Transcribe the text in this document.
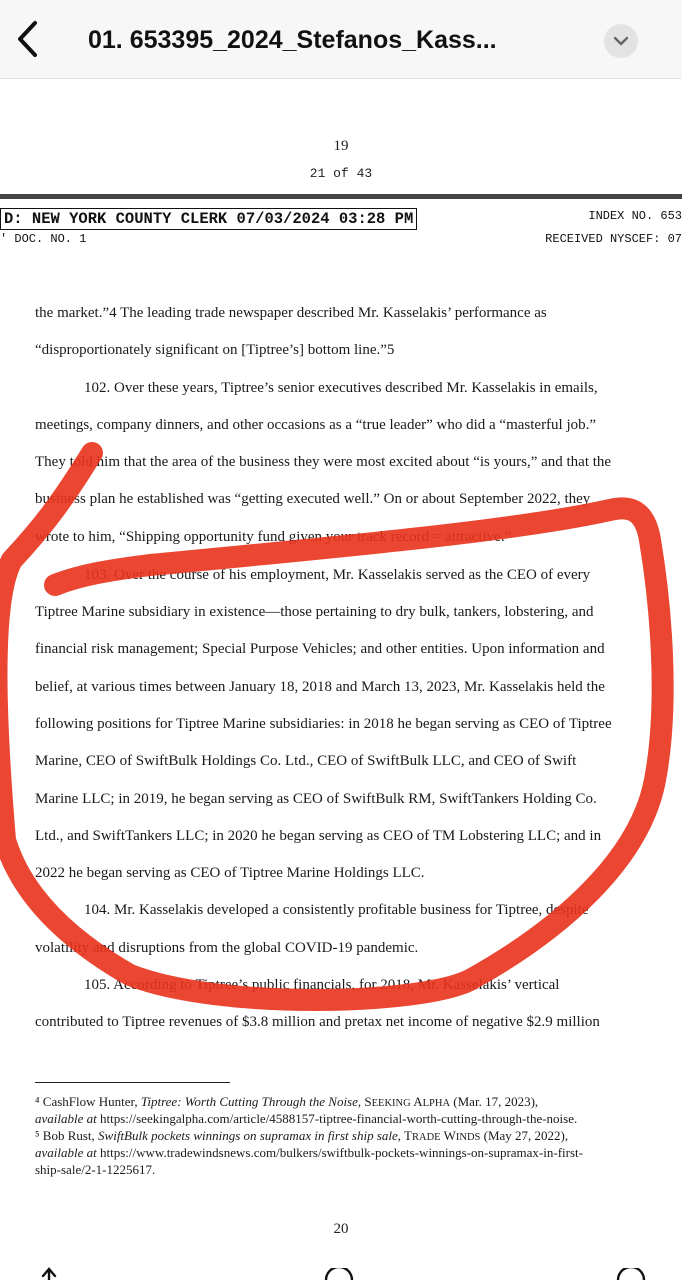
01. 653395_2024_Stefanos_Kass...
19
21 of 43
D: NEW YORK COUNTY CLERK 07/03/2024 03:28 PM	INDEX NO. 653
' DOC. NO. 1	RECEIVED NYSCEF: 07
the market.”4 The leading trade newspaper described Mr. Kasselakis’ performance as
“disproportionately significant on [Tiptree’s] bottom line.”5
102. Over these years, Tiptree’s senior executives described Mr. Kasselakis in emails,
meetings, company dinners, and other occasions as a “true leader” who did a “masterful job.”
They told him that the area of the business they were most excited about “is yours,” and that the
business plan he established was “getting executed well.” On or about September 2022, they
wrote to him, “Shipping opportunity fund given your track record = attractive.”
103. Over the course of his employment, Mr. Kasselakis served as the CEO of every
Tiptree Marine subsidiary in existence—those pertaining to dry bulk, tankers, lobstering, and
financial risk management; Special Purpose Vehicles; and other entities. Upon information and
belief, at various times between January 18, 2018 and March 13, 2023, Mr. Kasselakis held the
following positions for Tiptree Marine subsidiaries: in 2018 he began serving as CEO of Tiptree
Marine, CEO of SwiftBulk Holdings Co. Ltd., CEO of SwiftBulk LLC, and CEO of Swift
Marine LLC; in 2019, he began serving as CEO of SwiftBulk RM, SwiftTankers Holding Co.
Ltd., and SwiftTankers LLC; in 2020 he began serving as CEO of TM Lobstering LLC; and in
2022 he began serving as CEO of Tiptree Marine Holdings LLC.
104. Mr. Kasselakis developed a consistently profitable business for Tiptree, despite
volatility and disruptions from the global COVID-19 pandemic.
105. According to Tiptree’s public financials, for 2018, Mr. Kasselakis’ vertical
contributed to Tiptree revenues of $3.8 million and pretax net income of negative $2.9 million
⁴ CashFlow Hunter, Tiptree: Worth Cutting Through the Noise, SEEKING ALPHA (Mar. 17, 2023),
available at https://seekingalpha.com/article/4588157-tiptree-financial-worth-cutting-through-the-noise.
⁵ Bob Rust, SwiftBulk pockets winnings on supramax in first ship sale, TRADE WINDS (May 27, 2022),
available at https://www.tradewindsnews.com/bulkers/swiftbulk-pockets-winnings-on-supramax-in-first-
ship-sale/2-1-1225617.
20
